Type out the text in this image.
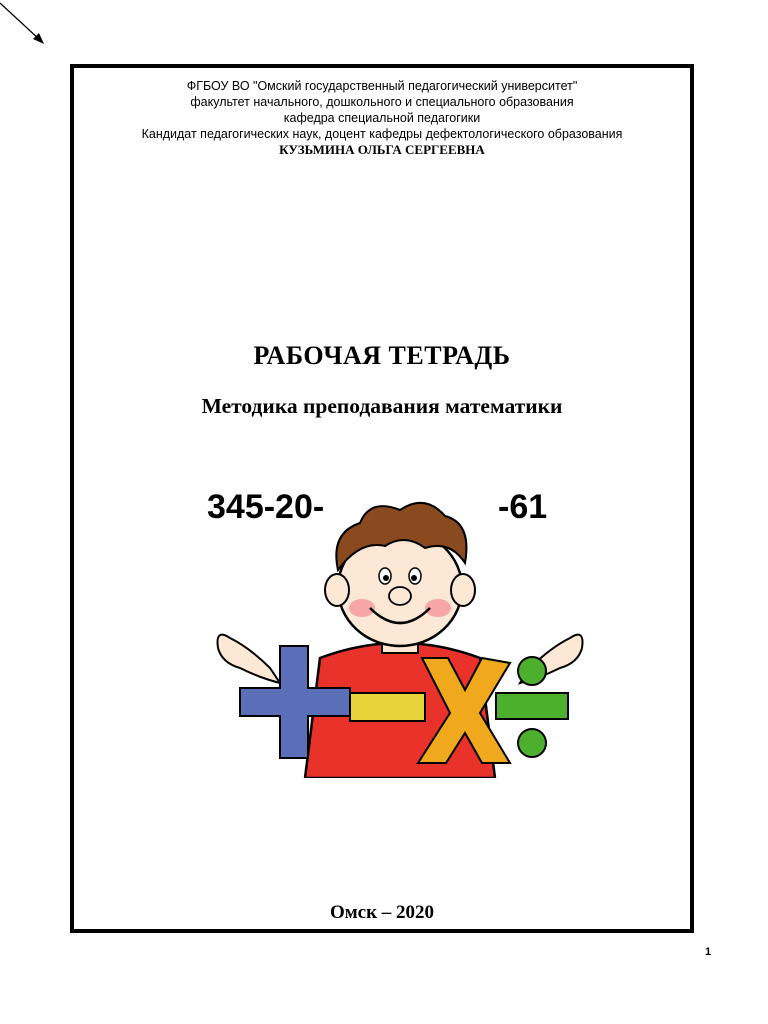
ФГБОУ ВО "Омский государственный педагогический университет"
факультет начального, дошкольного и специального образования
кафедра специальной педагогики
Кандидат педагогических наук, доцент кафедры дефектологического образования
КУЗЬМИНА ОЛЬГА СЕРГЕЕВНА
РАБОЧАЯ ТЕТРАДЬ
Методика преподавания математики
345-20-	-61
Омск – 2020
1
